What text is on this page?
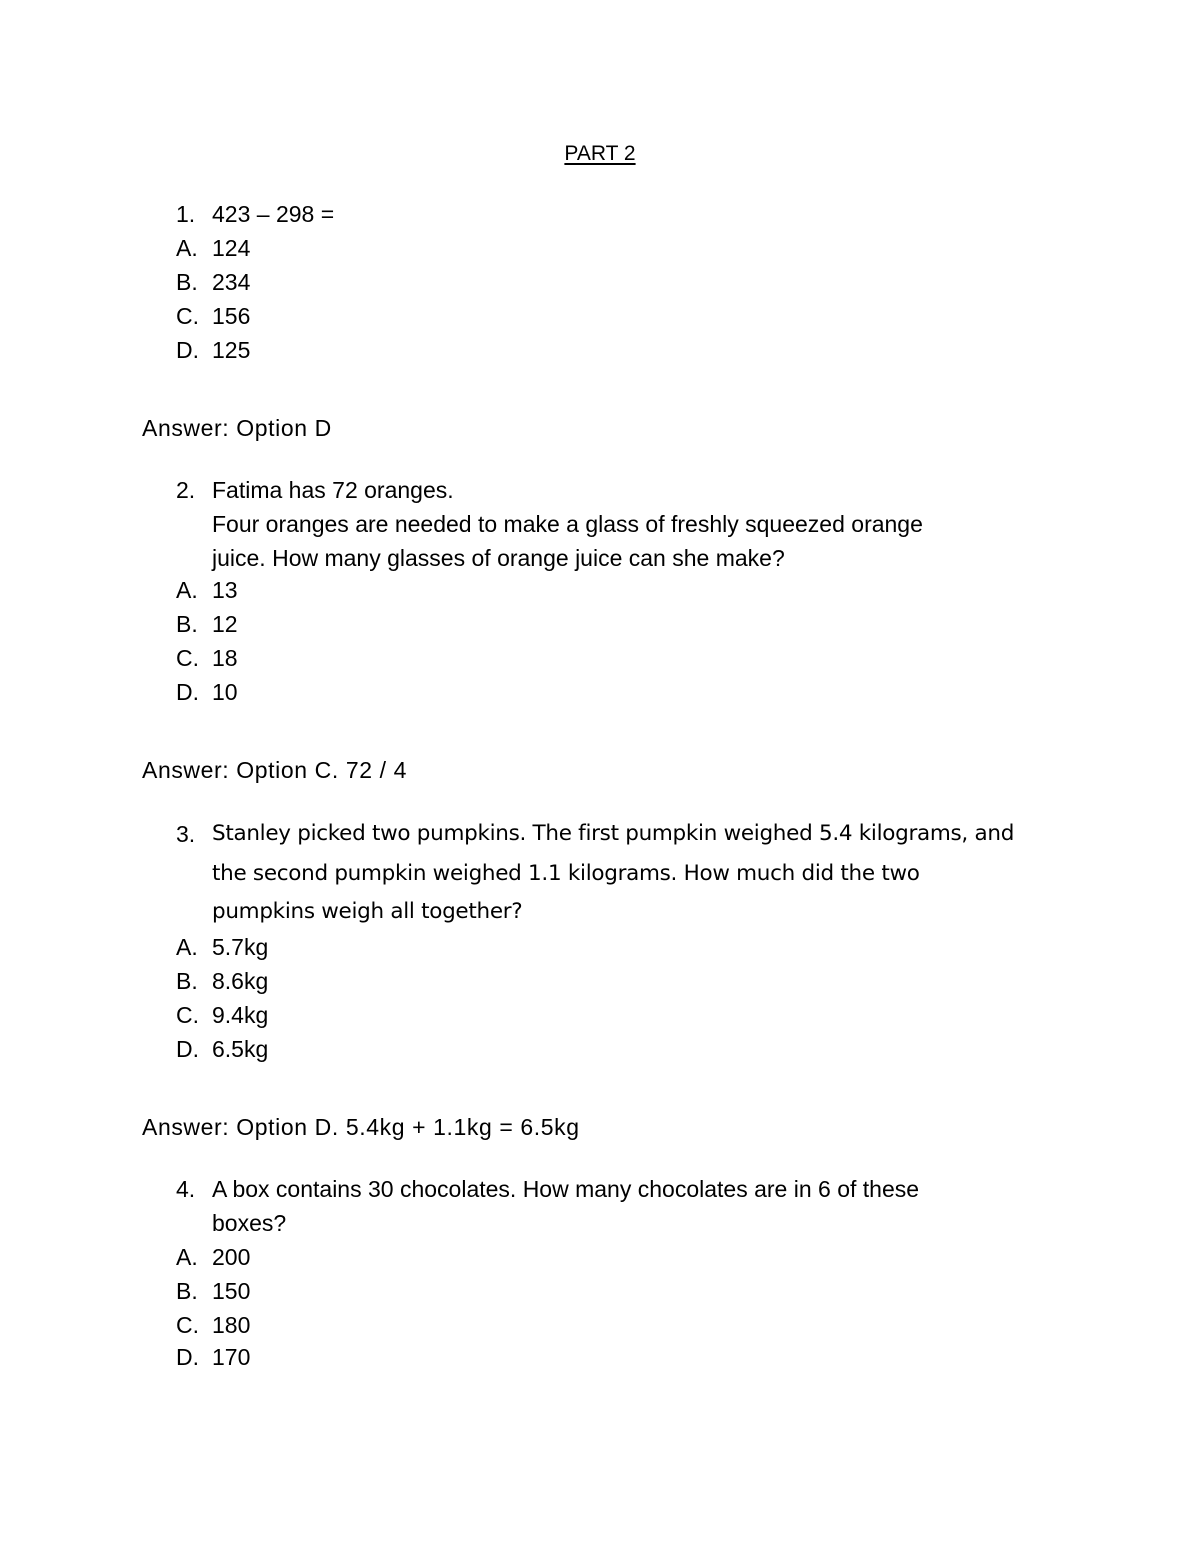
PART 2
1. 423 – 298 =
A. 124
B. 234
C. 156
D. 125
Answer: Option D
2. Fatima has 72 oranges.
Four oranges are needed to make a glass of freshly squeezed orange
juice. How many glasses of orange juice can she make?
A. 13
B. 12
C. 18
D. 10
Answer: Option C. 72 / 4
3. Stanley picked two pumpkins. The first pumpkin weighed 5.4 kilograms, and
the second pumpkin weighed 1.1 kilograms. How much did the two
pumpkins weigh all together?
A. 5.7kg
B. 8.6kg
C. 9.4kg
D. 6.5kg
Answer: Option D. 5.4kg + 1.1kg = 6.5kg
4. A box contains 30 chocolates. How many chocolates are in 6 of these
boxes?
A. 200
B. 150
C. 180
D. 170
